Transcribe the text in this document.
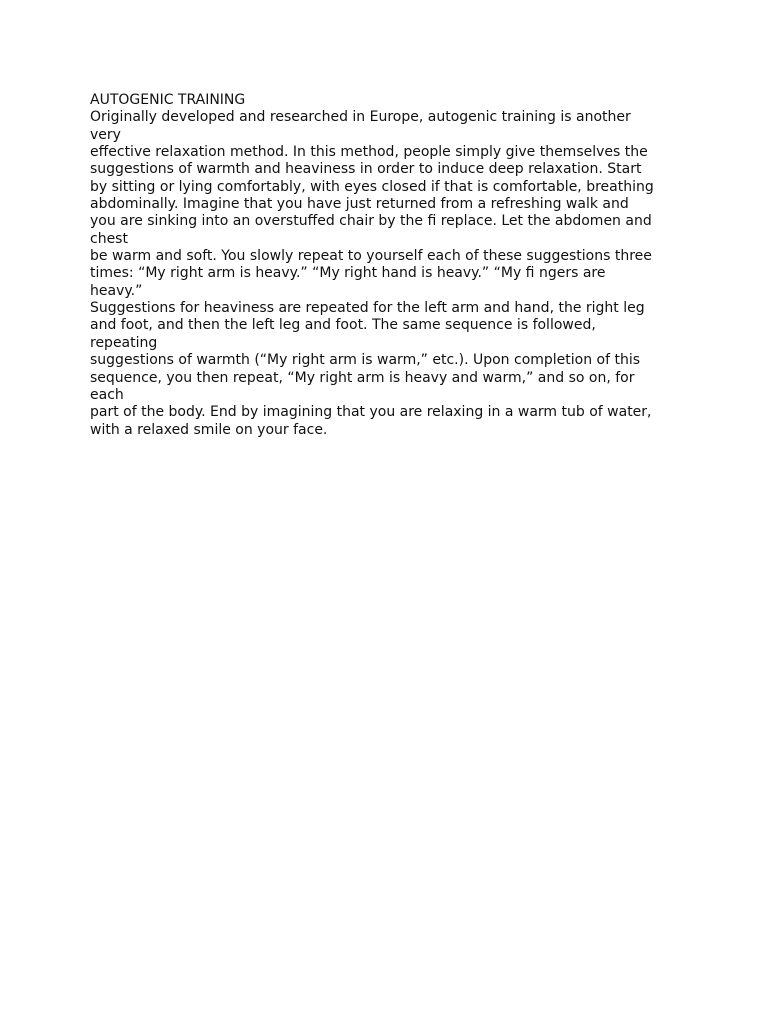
AUTOGENIC TRAINING
Originally developed and researched in Europe, autogenic training is another
very
effective relaxation method. In this method, people simply give themselves the
suggestions of warmth and heaviness in order to induce deep relaxation. Start
by sitting or lying comfortably, with eyes closed if that is comfortable, breathing
abdominally. Imagine that you have just returned from a refreshing walk and
you are sinking into an overstuffed chair by the fi replace. Let the abdomen and
chest
be warm and soft. You slowly repeat to yourself each of these suggestions three
times: “My right arm is heavy.” “My right hand is heavy.” “My fi ngers are
heavy.”
Suggestions for heaviness are repeated for the left arm and hand, the right leg
and foot, and then the left leg and foot. The same sequence is followed,
repeating
suggestions of warmth (“My right arm is warm,” etc.). Upon completion of this
sequence, you then repeat, “My right arm is heavy and warm,” and so on, for
each
part of the body. End by imagining that you are relaxing in a warm tub of water,
with a relaxed smile on your face.
